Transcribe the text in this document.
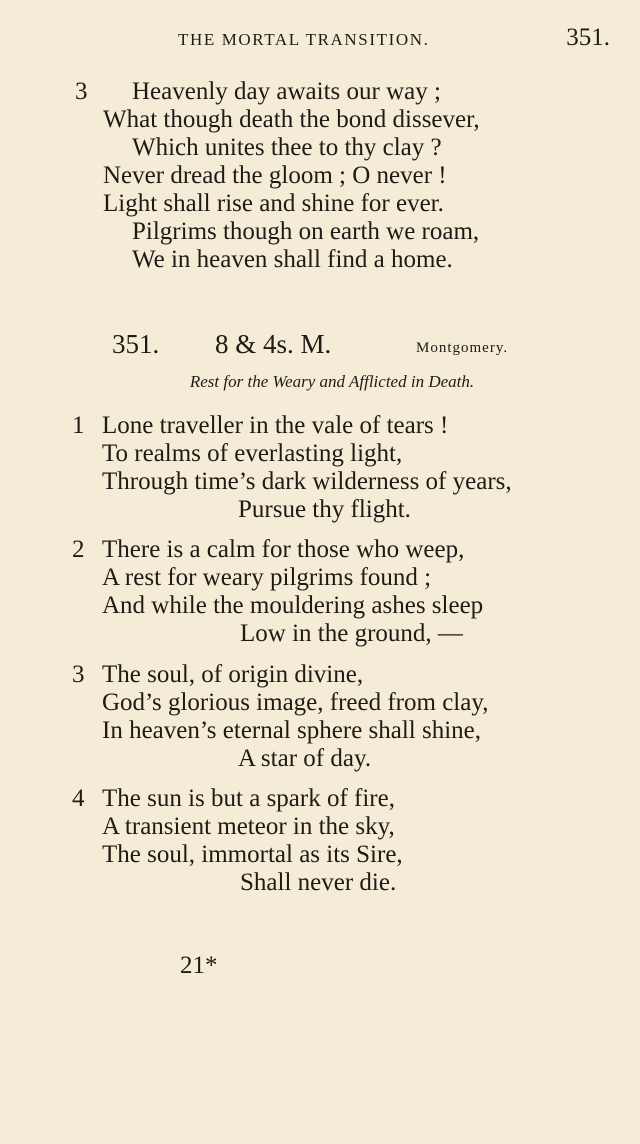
THE MORTAL TRANSITION.	351.
3 Heavenly day awaits our way ;
What though death the bond dissever,
Which unites thee to thy clay ?
Never dread the gloom ; O never !
Light shall rise and shine for ever.
Pilgrims though on earth we roam,
We in heaven shall find a home.
351. 8 & 4s. M.	Montgomery.
Rest for the Weary and Afflicted in Death.
1 Lone traveller in the vale of tears !
To realms of everlasting light,
Through time’s dark wilderness of years,
Pursue thy flight.
2 There is a calm for those who weep,
A rest for weary pilgrims found ;
And while the mouldering ashes sleep
Low in the ground, —
3 The soul, of origin divine,
God’s glorious image, freed from clay,
In heaven’s eternal sphere shall shine,
A star of day.
4 The sun is but a spark of fire,
A transient meteor in the sky,
The soul, immortal as its Sire,
Shall never die.
21*
